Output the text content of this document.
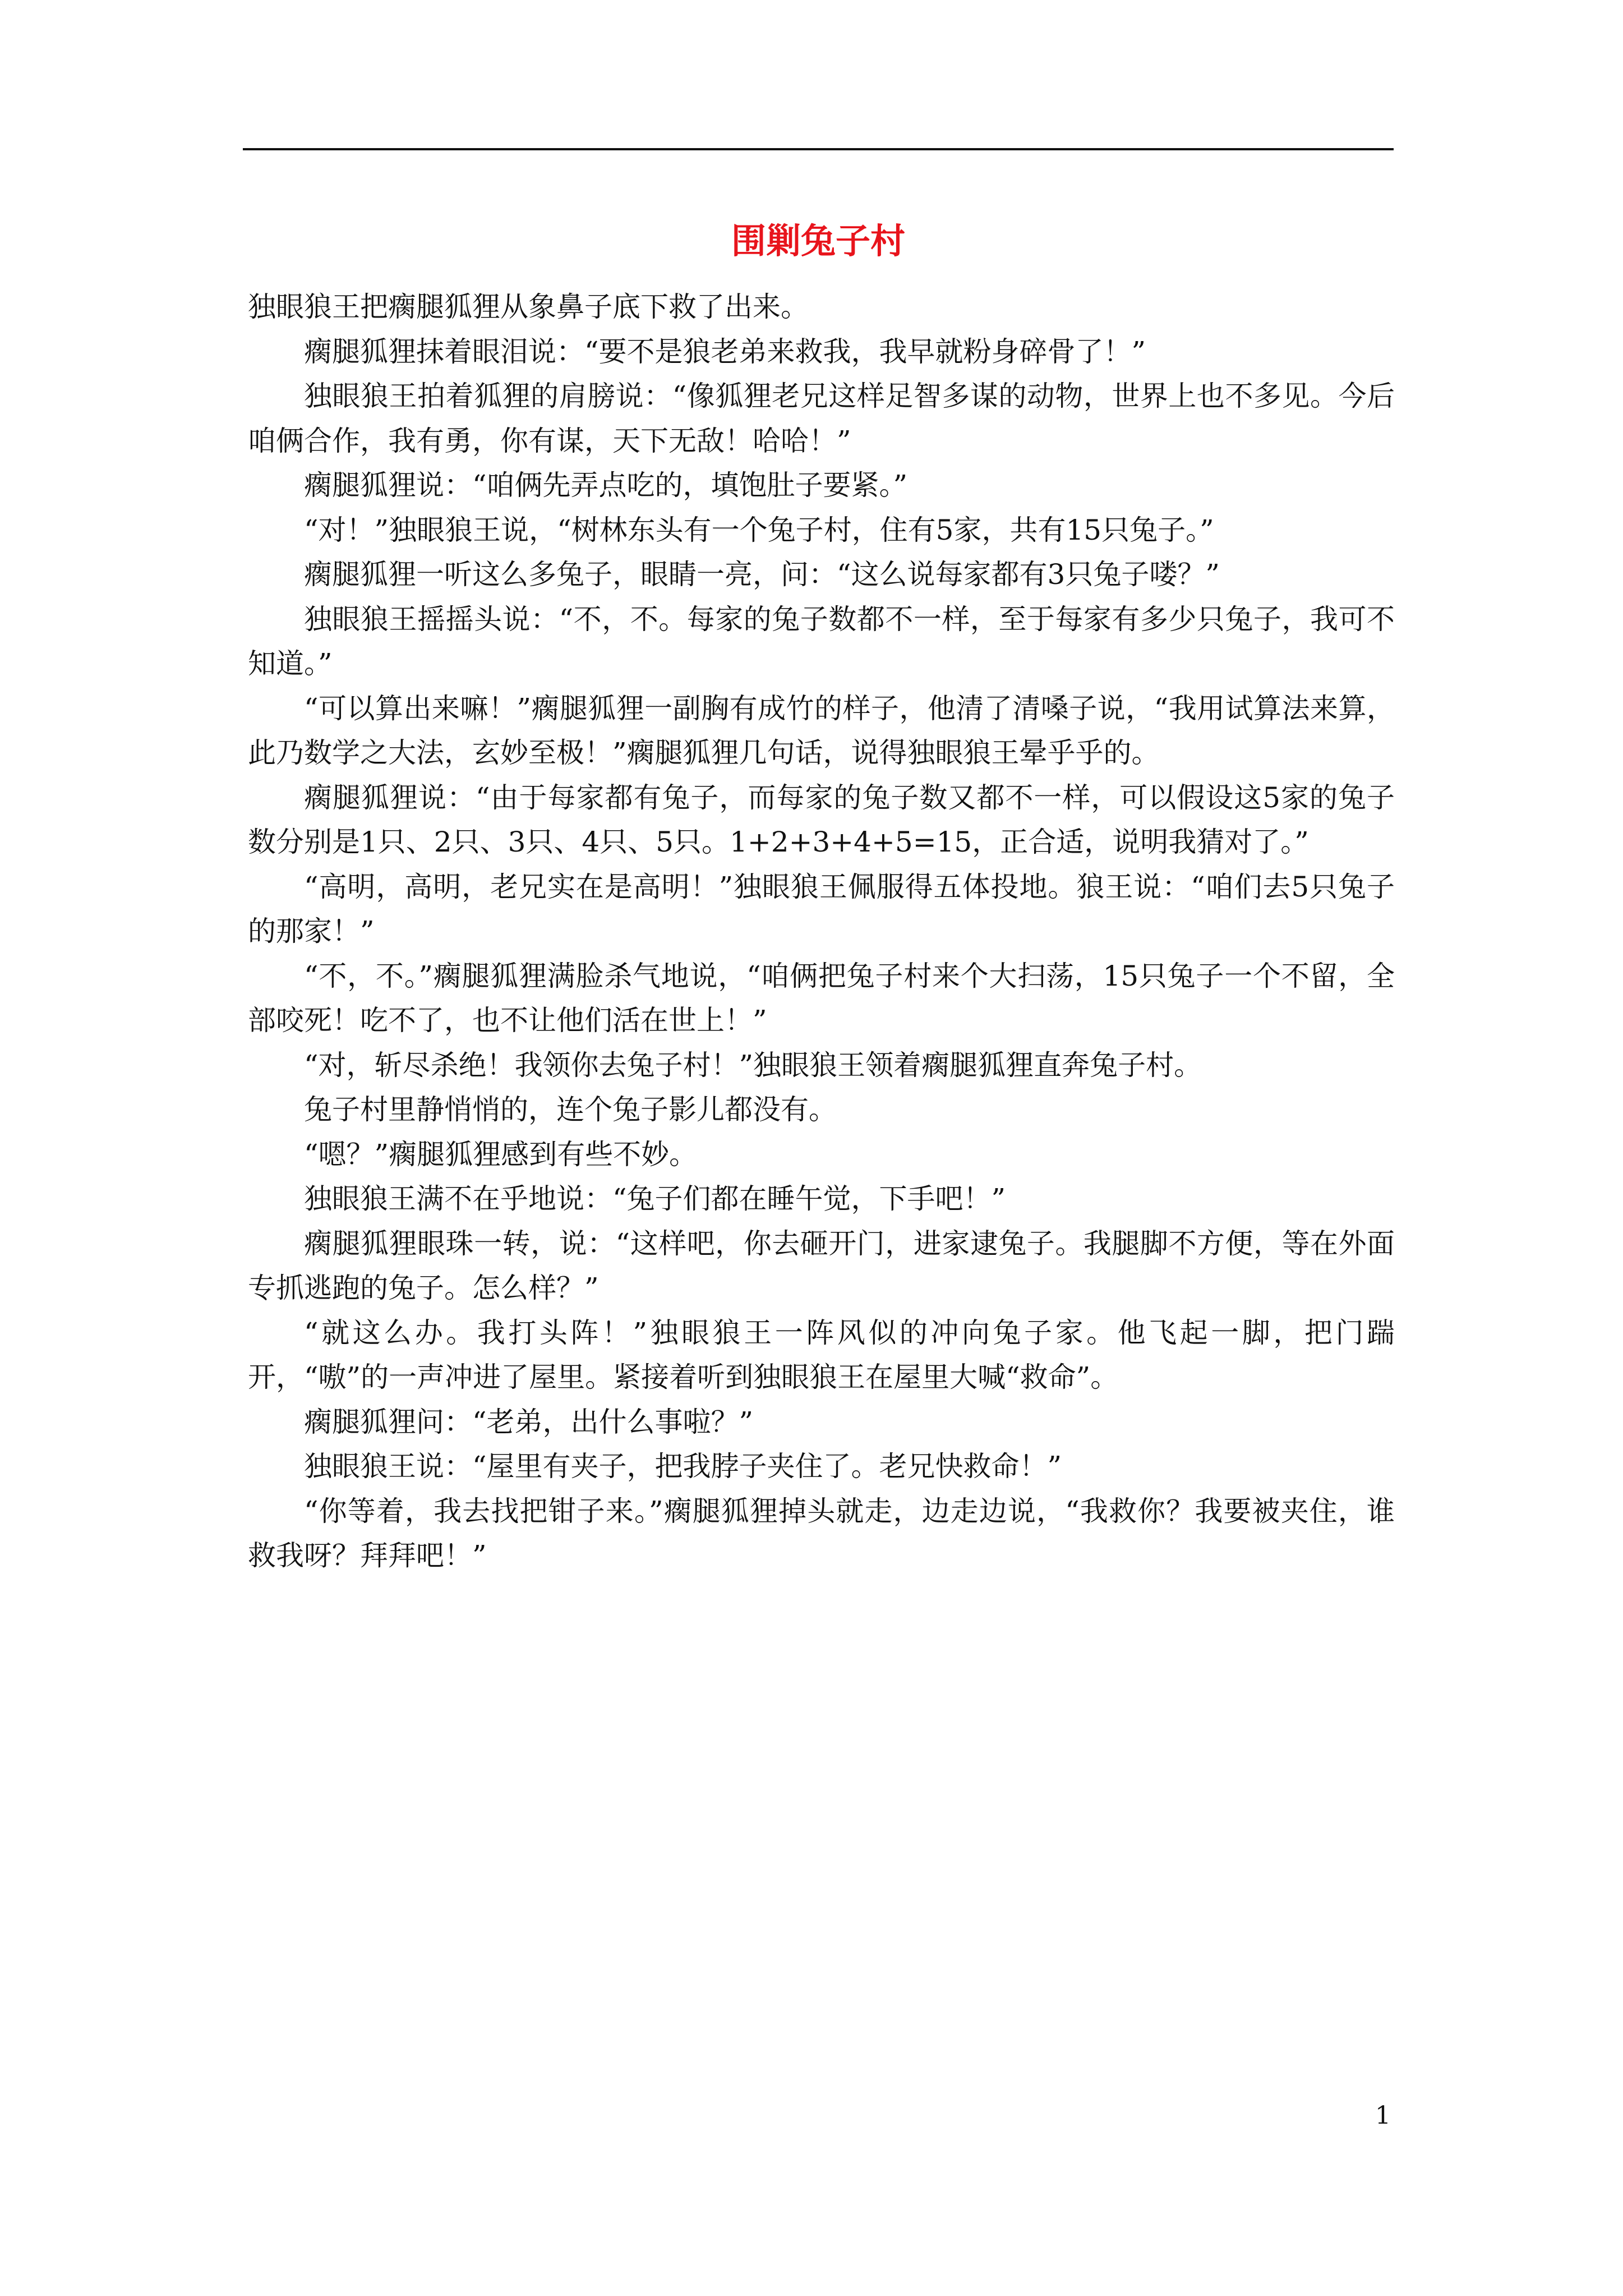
围剿兔子村

独眼狼王把瘸腿狐狸从象鼻子底下救了出来。

瘸腿狐狸抹着眼泪说：“要不是狼老弟来救我，我早就粉身碎骨了！”

独眼狼王拍着狐狸的肩膀说：“像狐狸老兄这样足智多谋的动物，世界上也不多见。今后咱俩合作，我有勇，你有谋，天下无敌！哈哈！”

瘸腿狐狸说：“咱俩先弄点吃的，填饱肚子要紧。”

“对！”独眼狼王说，“树林东头有一个兔子村，住有5家，共有15只兔子。”

瘸腿狐狸一听这么多兔子，眼睛一亮，问：“这么说每家都有3只兔子喽？”

独眼狼王摇摇头说：“不，不。每家的兔子数都不一样，至于每家有多少只兔子，我可不知道。”

“可以算出来嘛！”瘸腿狐狸一副胸有成竹的样子，他清了清嗓子说，“我用试算法来算，此乃数学之大法，玄妙至极！”瘸腿狐狸几句话，说得独眼狼王晕乎乎的。

瘸腿狐狸说：“由于每家都有兔子，而每家的兔子数又都不一样，可以假设这5家的兔子数分别是1只、2只、3只、4只、5只。1+2+3+4+5=15，正合适，说明我猜对了。”

“高明，高明，老兄实在是高明！”独眼狼王佩服得五体投地。狼王说：“咱们去5只兔子的那家！”

“不，不。”瘸腿狐狸满脸杀气地说，“咱俩把兔子村来个大扫荡，15只兔子一个不留，全部咬死！吃不了，也不让他们活在世上！”

“对，斩尽杀绝！我领你去兔子村！”独眼狼王领着瘸腿狐狸直奔兔子村。

兔子村里静悄悄的，连个兔子影儿都没有。

“嗯？”瘸腿狐狸感到有些不妙。

独眼狼王满不在乎地说：“兔子们都在睡午觉，下手吧！”

瘸腿狐狸眼珠一转，说：“这样吧，你去砸开门，进家逮兔子。我腿脚不方便，等在外面专抓逃跑的兔子。怎么样？”

“就这么办。我打头阵！”独眼狼王一阵风似的冲向兔子家。他飞起一脚，把门踹开，“嗷”的一声冲进了屋里。紧接着听到独眼狼王在屋里大喊“救命”。

瘸腿狐狸问：“老弟，出什么事啦？”

独眼狼王说：“屋里有夹子，把我脖子夹住了。老兄快救命！”

“你等着，我去找把钳子来。”瘸腿狐狸掉头就走，边走边说，“我救你？我要被夹住，谁救我呀？拜拜吧！”

1
